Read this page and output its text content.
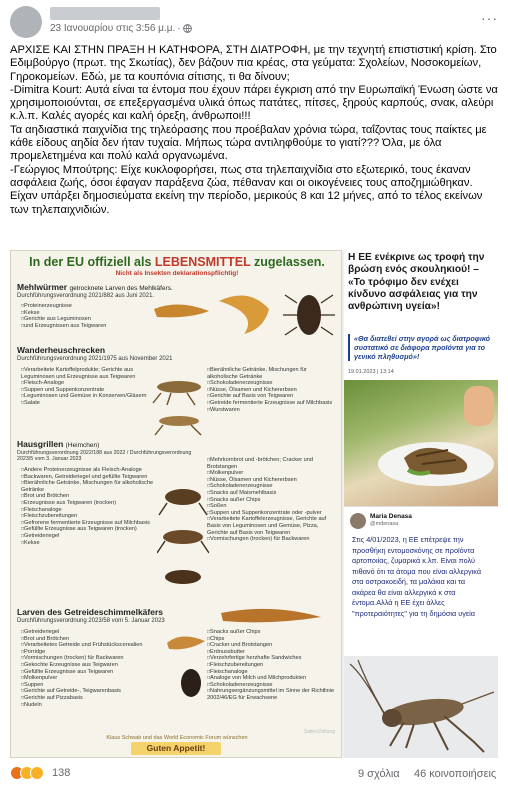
23 Ιανουαρίου στις 3:56 μ.μ. ·
···

ΑΡΧΙΣΕ ΚΑΙ ΣΤΗΝ ΠΡΑΞΗ Η ΚΑΤΗΦΟΡΑ, ΣΤΗ ΔΙΑΤΡΟΦΗ, με την τεχνητή επιστιστική κρίση. Στο Εδιμβούργο (πρωτ. της Σκωτίας), δεν βάζουν πια κρέας, στα γεύματα: Σχολείων, Νοσοκομείων, Γηροκομείων. Εδώ, με τα κουπόνια σίτισης, τι θα δίνουν;

-Dimitra Kourt: Αυτά είναι τα έντομα που έχουν πάρει έγκριση από την Ευρωπαϊκή Ένωση ώστε να χρησιμοποιούνται, σε επεξεργασμένα υλικά όπως πατάτες, πίτσες, ξηρούς καρπούς, σνακ, αλεύρι κ.λ.π. Καλές αγορές και καλή όρεξη, άνθρωποι!!!

Τα αηδιαστικά παιχνίδια της τηλεόρασης που προέβαλαν χρόνια τώρα, ταΐζοντας τους παίκτες με κάθε είδους αηδία δεν ήταν τυχαία. Μήπως τώρα αντιληφθούμε το γιατί??? Όλα, με όλα προμελετημένα και πολύ καλά οργανωμένα.

-Γεώργιος Μπούτρης: Είχε κυκλοφορήσει, πως στα τηλεπαιχνίδια στο εξωτερικό, τους έκαναν ασφάλεια ζωής, όσοι έφαγαν παράξενα ζώα, πέθαναν και οι οικογένειες τους αποζημιώθηκαν. Είχαν υπάρξει δημοσιεύματα εκείνη την περίοδο, μερικούς 8 και 12 μήνες, από το τέλος εκείνων των τηλεπαιχνιδιών.

In der EU offiziell als LEBENSMITTEL zugelassen.
Nicht als Insekten deklarationspflichtig!
Mehlwürmer getrocknete Larven des Mehlkäfers.
Durchführungsverordnung 2021/882 aus Juni 2021.
□ Proteinerzeugnisse
□ Kekse
□ Gerichte aus Leguminosen
□ und Erzeugnissen aus Teigwaren
Wanderheuschrecken
Durchführungsverordnung 2021/1975 aus November 2021
□ Verarbeitete Kartoffelprodukte; Gerichte aus Leguminosen und Erzeugnisse aus Teigwaren
□ Fleisch-Analoge
□ Suppen und Suppenkonzentrate
□ Leguminosen und Gemüse in Konserven/Gläsern
□ Salate
□ Bierähnliche Getränke, Mischungen für alkoholische Getränke
□ Schokoladenerzeugnisse
□ Nüsse, Ölsamen und Kichererbsen
□ Gerichte auf Basis von Teigwaren
□ Getreide fermentierte Erzeugnisse auf Milchbasis
□ Wurstwaren
Hausgrillen (Heimchen)
Durchführungsverordnung 2022/188 aus 2022 / Durchführungsverordnung 2023/5 vom 3. Januar 2023
□ Andere Proteinerzeugnisse als Fleisch-Analoge
□ Backwaren, Getreideriegel und gefüllte Teigwaren
□ Bierähnliche Getränke, Mischungen für alkoholische Getränke
□ Brot und Brötchen
□ Erzeugnisse aus Teigwaren (trocken)
□ Fleischanaloge
□ Fleischzubereitungen
□ Gefrorene fermentierte Erzeugnisse auf Milchbasis
□ Gefüllte Erzeugnisse aus Teigwaren (trocken)
□ Getreideriegel
□ Kekse
□ Mehrkornbrot und -brötchen; Cracker und Brotstangen
□ Molkenpulver
□ Nüsse, Ölsamen und Kichererbsen
□ Schokoladenerzeugnisse
□ Snacks auf Maismehlbasis
□ Snacks außer Chips
□ Soßen
□ Suppen und Suppenkonzentrate oder -pulver
□ Verarbeitete Kartoffelerzeugnisse, Gerichte auf Basis von Leguminosen und Gemüse, Pizza, Gerichte auf Basis von Teigwaren
□ Vormischungen (trocken) für Backwaren
Larven des Getreideschimmelkäfers
Durchführungsverordnung 2023/58 vom 5. Januar 2023
□ Getreideriegel
□ Brot und Brötchen
□ Verarbeitetes Getreide und Frühstückscerealien
□ Porridge
□ Vormischungen (trocken) für Backwaren
□ Gekochte Erzeugnisse aus Teigwaren
□ Gefüllte Erzeugnisse aus Teigwaren
□ Molkenpulver
□ Suppen
□ Gerichte auf Getreide-, Teigwarenbasis
□ Gerichte auf Pizzabasis
□ Nudeln
□ Snacks außer Chips
□ Chips
□ Cracker und Brotstangen
□ Erdnussbutter
□ Verzehrfertige herzhafte Sandwiches
□ Fleischzubereitungen
□ Fleischanaloge
□ Analoge von Milch und Milchprodukten
□ Schokoladenerzeugnisse
□ Nahrungsergänzungsmittel im Sinne der Richtlinie 2002/46/EG für Erwachsene
Klaus Schwab und das World Economic Forum wünschen
Guten Appetit!
Satire/Zeitung
Η ΕΕ ενέκρινε ως τροφή την βρώση ενός σκουληκιού! – «Το τρόφιμο δεν ενέχει κίνδυνο ασφάλειας για την ανθρώπινη υγεία»!
«Θα διατεθεί στην αγορά ως διατροφικό συστατικό σε διάφορα προϊόντα για το γενικό πληθυσμό»!
19.01.2023 | 13:14
Maria Denasa
@mdenasa
Στις 4/01/2023, η ΕΕ επέτρεψε την προσθήκη εντομοσκόνης σε προϊόντα αρτοποιίας, ζυμαρικά κ.λπ. Είναι πολύ πιθανό ότι τα άτομα που είναι αλλεργικά στα οστρακοειδή, τα μαλάκια και τα ακάρεα θα είναι αλλεργικά κ στα έντομα.Αλλά η ΕΕ έχει άλλες "προτεραιότητες" για τη δημόσια υγεία
138	9 σχόλια 46 κοινοποιήσεις
